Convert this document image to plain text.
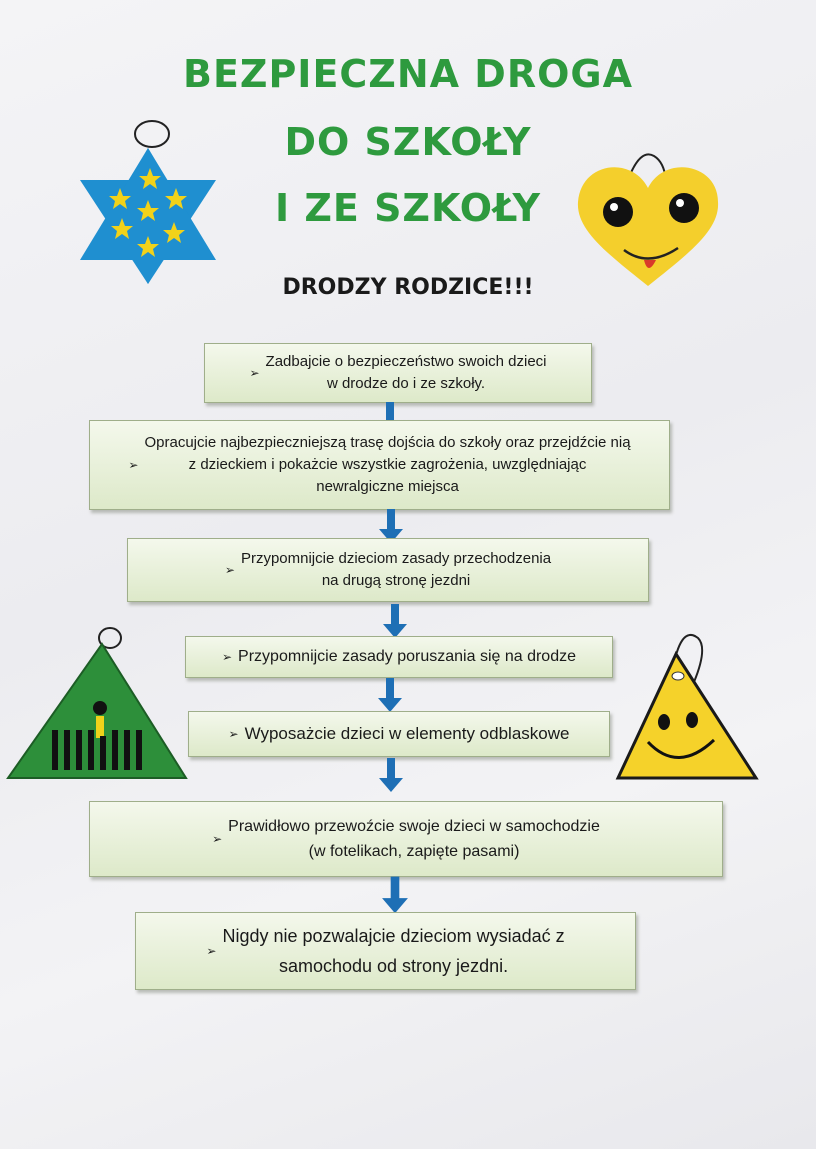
BEZPIECZNA DROGA
DO SZKOŁY
I ZE SZKOŁY
DRODZY RODZICE!!!
➢
Zadbajcie o bezpieczeństwo swoich dzieci
w drodze do i ze szkoły.
➢
Opracujcie najbezpieczniejszą trasę dojścia do szkoły oraz przejdźcie nią
z dzieckiem i pokażcie wszystkie zagrożenia, uwzględniając
newralgiczne miejsca
➢
Przypomnijcie dzieciom zasady przechodzenia
na drugą stronę jezdni
➢ Przypomnijcie zasady poruszania się na drodze
➢ Wyposażcie dzieci w elementy odblaskowe
➢
Prawidłowo przewoźcie swoje dzieci w samochodzie
(w fotelikach, zapięte pasami)
➢
Nigdy nie pozwalajcie dzieciom wysiadać z
samochodu od strony jezdni.
